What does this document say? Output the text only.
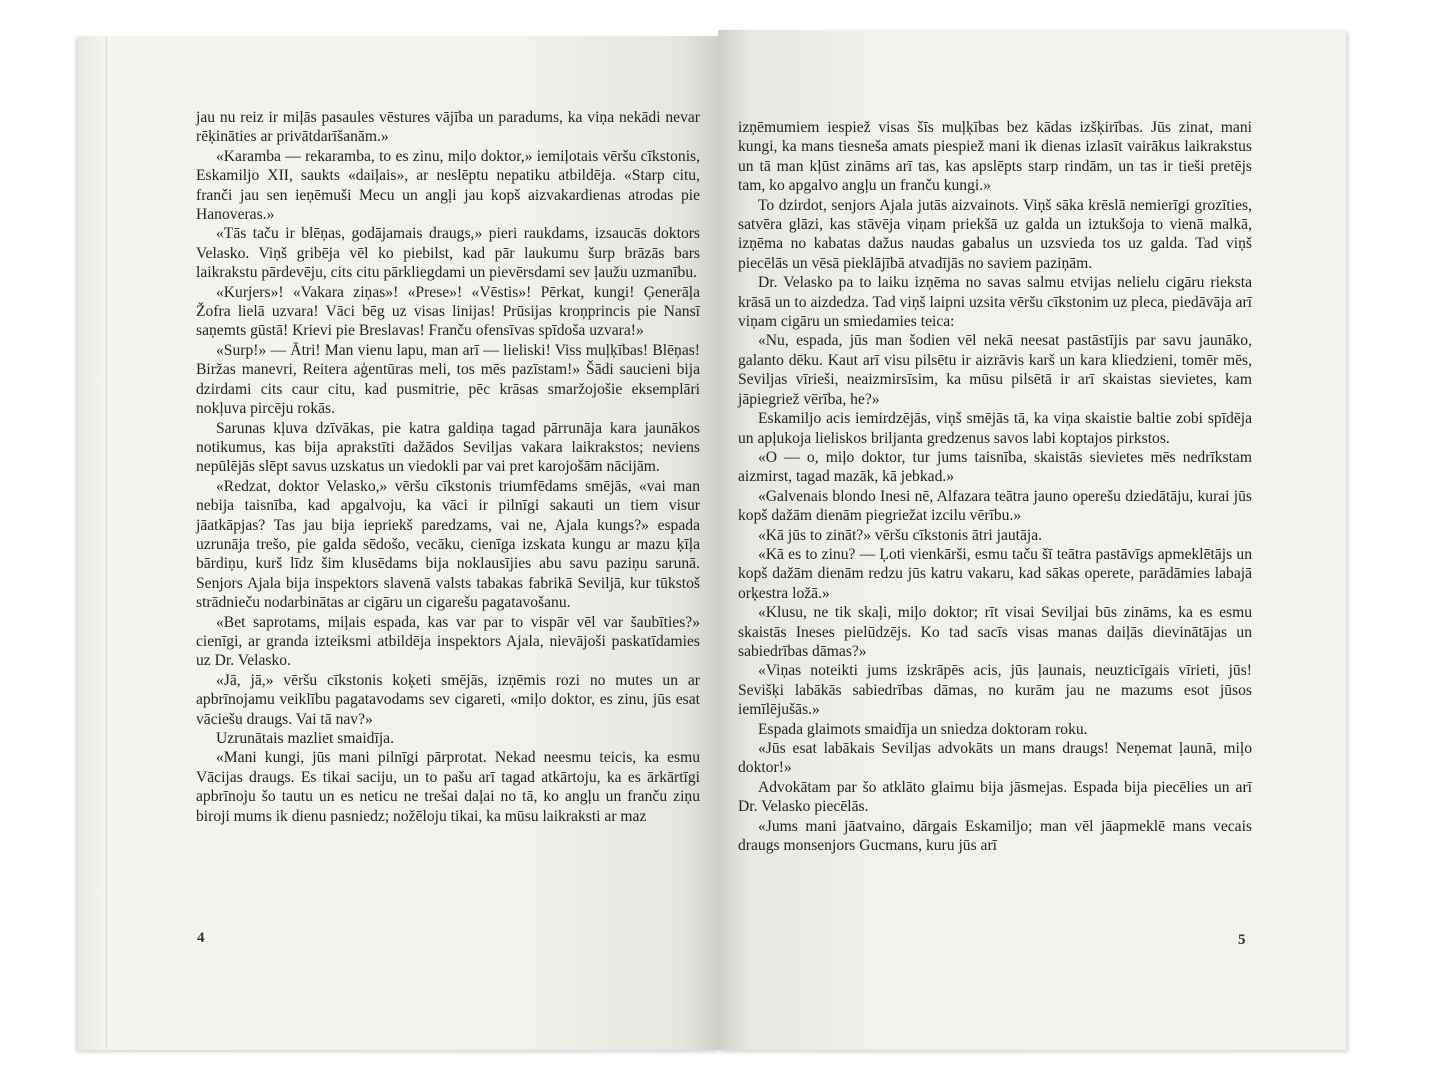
jau nu reiz ir miļās pasaules vēstures vājība un paradums, ka viņa nekādi nevar rēķināties ar privātdarīšanām.»

«Karamba — rekaramba, to es zinu, miļo doktor,» iemiļotais vēršu cīkstonis, Eskamiljo XII, saukts «daiļais», ar neslēptu nepatiku atbildēja. «Starp citu, franči jau sen ieņēmuši Mecu un angļi jau kopš aizvakardienas atrodas pie Hanoveras.»

«Tās taču ir blēņas, godājamais draugs,» pieri raukdams, izsaucās doktors Velasko. Viņš gribēja vēl ko piebilst, kad pār laukumu šurp brāzās bars laikrakstu pārdevēju, cits citu pārkliegdami un pievērsdami sev ļaužu uzmanību.

«Kurjers»! «Vakara ziņas»! «Prese»! «Vēstis»! Pērkat, kungi! Ģenerāļa Žofra lielā uzvara! Vāci bēg uz visas linijas! Prūsijas kroņprincis pie Nansī saņemts gūstā! Krievi pie Breslavas! Franču ofensīvas spīdoša uzvara!»

«Surp!» — Ātri! Man vienu lapu, man arī — lieliski! Viss muļķības! Blēņas! Biržas manevri, Reitera aģentūras meli, tos mēs pazīstam!» Šādi saucieni bija dzirdami cits caur citu, kad pusmitrie, pēc krāsas smaržojošie eksemplāri nokļuva pircēju rokās.

Sarunas kļuva dzīvākas, pie katra galdiņa tagad pārrunāja kara jaunākos notikumus, kas bija aprakstīti dažādos Seviljas vakara laikrakstos; neviens nepūlējās slēpt savus uzskatus un viedokli par vai pret karojošām nācijām.

«Redzat, doktor Velasko,» vēršu cīkstonis triumfēdams smējās, «vai man nebija taisnība, kad apgalvoju, ka vāci ir pilnīgi sakauti un tiem visur jāatkāpjas? Tas jau bija iepriekš paredzams, vai ne, Ajala kungs?» espada uzrunāja trešo, pie galda sēdošo, vecāku, cienīga izskata kungu ar mazu ķīļa bārdiņu, kurš līdz šim klusēdams bija noklausījies abu savu paziņu sarunā. Senjors Ajala bija inspektors slavenā valsts tabakas fabrikā Seviljā, kur tūkstoš strādnieču nodarbinātas ar cigāru un cigarešu pagatavošanu.

«Bet saprotams, miļais espada, kas var par to vispār vēl var šaubīties?» cienīgi, ar granda izteiksmi atbildēja inspektors Ajala, nievājoši paskatīdamies uz Dr. Velasko.

«Jā, jā,» vēršu cīkstonis koķeti smējās, izņēmis rozi no mutes un ar apbrīnojamu veiklību pagatavodams sev cigareti, «miļo doktor, es zinu, jūs esat vāciešu draugs. Vai tā nav?»

Uzrunātais mazliet smaidīja.

«Mani kungi, jūs mani pilnīgi pārprotat. Nekad neesmu teicis, ka esmu Vācijas draugs. Es tikai saciju, un to pašu arī tagad atkārtoju, ka es ārkārtīgi apbrīnoju šo tautu un es neticu ne trešai daļai no tā, ko angļu un franču ziņu biroji mums ik dienu pasniedz; nožēloju tikai, ka mūsu laikraksti ar maz

4

izņēmumiem iespiež visas šīs muļķības bez kādas izšķirības. Jūs zinat, mani kungi, ka mans tiesneša amats piespiež mani ik dienas izlasīt vairākus laikrakstus un tā man kļūst zināms arī tas, kas apslēpts starp rindām, un tas ir tieši pretējs tam, ko apgalvo angļu un franču kungi.»

To dzirdot, senjors Ajala jutās aizvainots. Viņš sāka krēslā nemierīgi grozīties, satvēra glāzi, kas stāvēja viņam priekšā uz galda un iztukšoja to vienā malkā, izņēma no kabatas dažus naudas gabalus un uzsvieda tos uz galda. Tad viņš piecēlās un vēsā pieklājībā atvadījās no saviem paziņām.

Dr. Velasko pa to laiku izņēma no savas salmu etvijas nelielu cigāru rieksta krāsā un to aizdedza. Tad viņš laipni uzsita vēršu cīkstonim uz pleca, piedāvāja arī viņam cigāru un smiedamies teica:

«Nu, espada, jūs man šodien vēl nekā neesat pastāstījis par savu jaunāko, galanto dēku. Kaut arī visu pilsētu ir aizrāvis karš un kara kliedzieni, tomēr mēs, Seviljas vīrieši, neaizmirsīsim, ka mūsu pilsētā ir arī skaistas sievietes, kam jāpiegriež vērība, he?»

Eskamiljo acis iemirdzējās, viņš smējās tā, ka viņa skaistie baltie zobi spīdēja un apļukoja lieliskos briljanta gredzenus savos labi koptajos pirkstos.

«O — o, miļo doktor, tur jums taisnība, skaistās sievietes mēs nedrīkstam aizmirst, tagad mazāk, kā jebkad.»

«Galvenais blondo Inesi nē, Alfazara teātra jauno operešu dziedātāju, kurai jūs kopš dažām dienām piegriežat izcilu vērību.»

«Kā jūs to zināt?» vēršu cīkstonis ātri jautāja.

«Kā es to zinu? — Ļoti vienkārši, esmu taču šī teātra pastāvīgs apmeklētājs un kopš dažām dienām redzu jūs katru vakaru, kad sākas operete, parādāmies labajā orķestra ložā.»

«Klusu, ne tik skaļi, miļo doktor; rīt visai Seviljai būs zināms, ka es esmu skaistās Ineses pielūdzējs. Ko tad sacīs visas manas daiļās dievinātājas un sabiedrības dāmas?»

«Viņas noteikti jums izskrāpēs acis, jūs ļaunais, neuzticīgais vīrieti, jūs! Sevišķi labākās sabiedrības dāmas, no kurām jau ne mazums esot jūsos iemīlējušās.»

Espada glaimots smaidīja un sniedza doktoram roku.

«Jūs esat labākais Seviljas advokāts un mans draugs! Neņemat ļaunā, miļo doktor!»

Advokātam par šo atklāto glaimu bija jāsmejas. Espada bija piecēlies un arī Dr. Velasko piecēlās.

«Jums mani jāatvaino, dārgais Eskamiljo; man vēl jāapmeklē mans vecais draugs monsenjors Gucmans, kuru jūs arī

5
